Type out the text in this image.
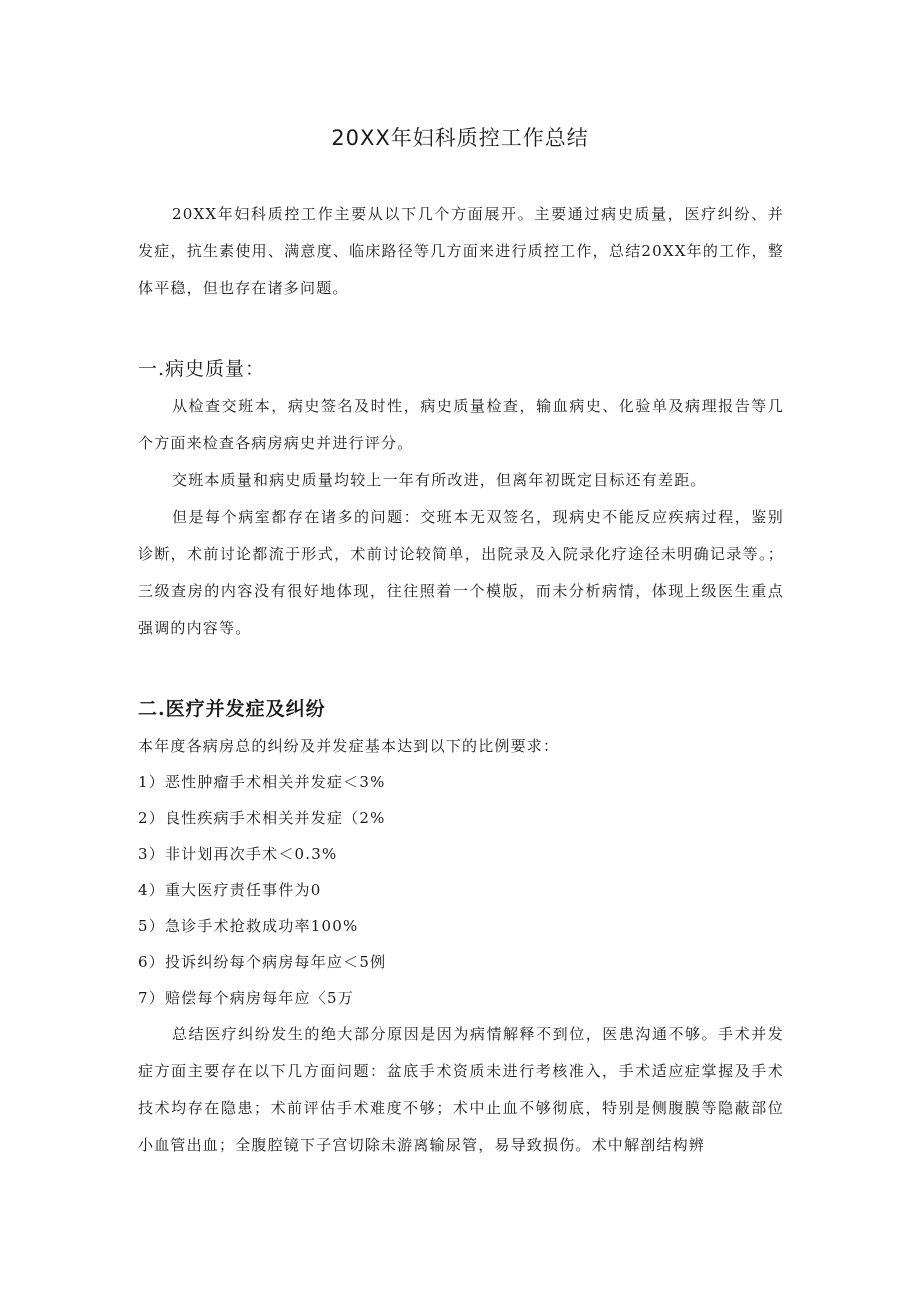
20XX年妇科质控工作总结

20XX年妇科质控工作主要从以下几个方面展开。主要通过病史质量，医疗纠纷、并发症，抗生素使用、满意度、临床路径等几方面来进行质控工作，总结20XX年的工作，整体平稳，但也存在诸多问题。

一.病史质量：

从检查交班本，病史签名及时性，病史质量检查，输血病史、化验单及病理报告等几个方面来检查各病房病史并进行评分。

交班本质量和病史质量均较上一年有所改进，但离年初既定目标还有差距。

但是每个病室都存在诸多的问题：交班本无双签名，现病史不能反应疾病过程，鉴别诊断，术前讨论都流于形式，术前讨论较简单，出院录及入院录化疗途径未明确记录等。；三级查房的内容没有很好地体现，往往照着一个模版，而未分析病情，体现上级医生重点强调的内容等。

二.医疗并发症及纠纷

本年度各病房总的纠纷及并发症基本达到以下的比例要求：

1）恶性肿瘤手术相关并发症＜3%
2）良性疾病手术相关并发症（2%
3）非计划再次手术＜0.3%
4）重大医疗责任事件为0
5）急诊手术抢救成功率100%
6）投诉纠纷每个病房每年应＜5例
7）赔偿每个病房每年应〈5万

总结医疗纠纷发生的绝大部分原因是因为病情解释不到位，医患沟通不够。手术并发症方面主要存在以下几方面问题：盆底手术资质未进行考核准入，手术适应症掌握及手术技术均存在隐患；术前评估手术难度不够；术中止血不够彻底，特别是侧腹膜等隐蔽部位小血管出血；全腹腔镜下子宫切除未游离输尿管，易导致损伤。术中解剖结构辨
